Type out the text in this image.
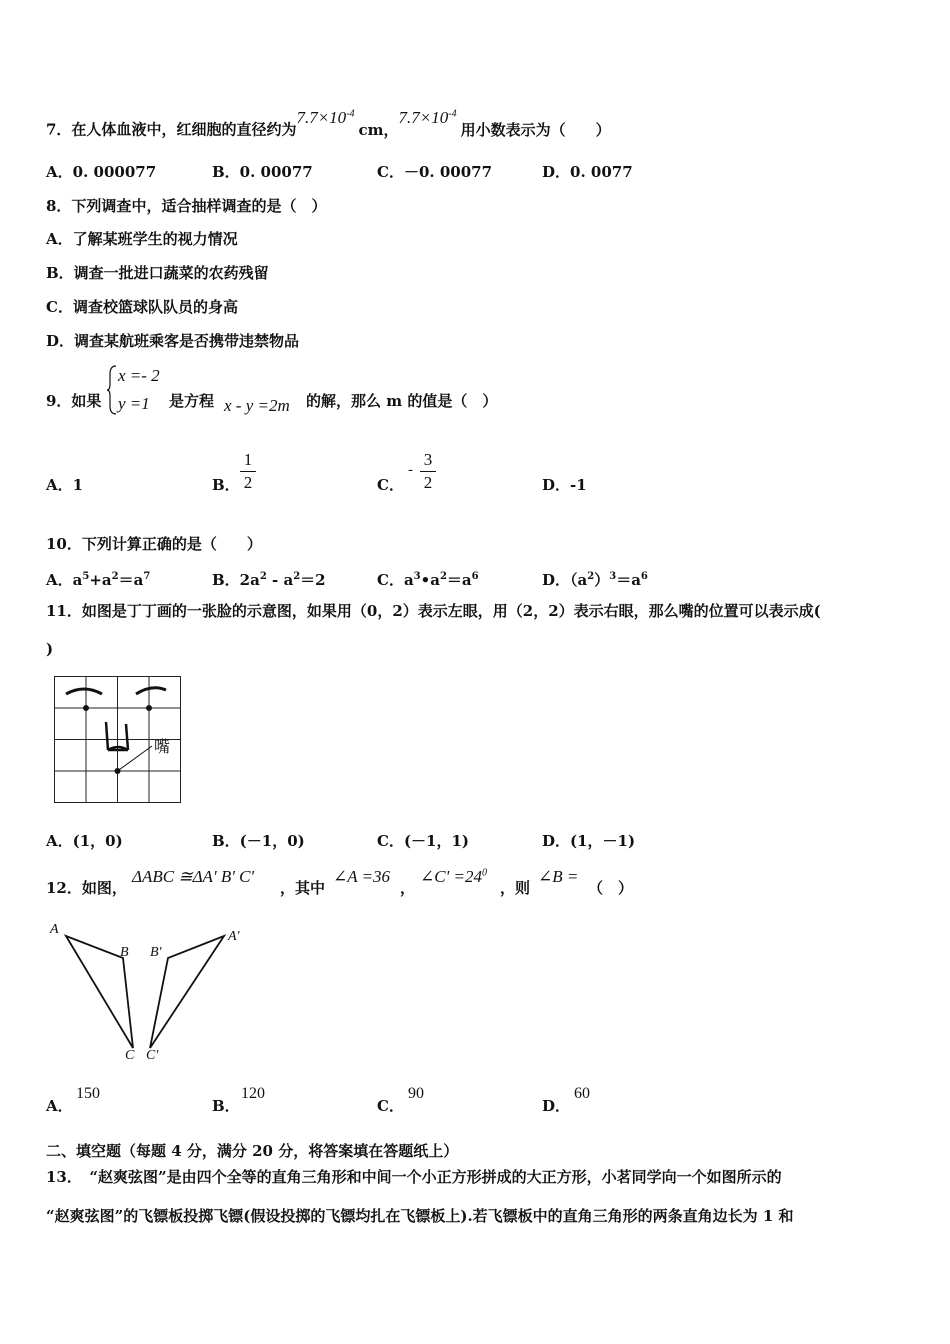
7．在人体血液中，红细胞的直径约为$7.7\times 10^{-4}cm$，$7.7\times 10^{-4}$用小数表示为（　　）
A．0. 000077	B．0. 00077	C．－0. 00077	D．0. 0077
8．下列调查中，适合抽样调查的是（　）
A．了解某班学生的视力情况
B．调查一批进口蔬菜的农药残留
C．调查校篮球队队员的身高
D．调查某航班乘客是否携带违禁物品
9．如果
x =- 2
y =1 是方程 x - y =2m 的解，那么 m 的值是（　）
A．1	B．
1
2	C．
-
3
2	D．-1
10．下列计算正确的是（　　）
A．$a^5+a^2=a^7$	B．$2a^2 - a^2=2$	C．$a^3•a^2=a^6$	D．$(a^2)^3=a^6$
11．如图是丁丁画的一张脸的示意图，如果用（0，2）表示左眼，用（2，2）表示右眼，那么嘴的位置可以表示成(
)
嘴
A．(1，0)	B．(－1，0)	C．(－1，1)	D．(1，－1)
12．如图，
ΔABC ≅ΔA' B' C'
，其中
∠A =36
，
∠C' $=24^0$
，则
∠B =
（　）
A
B
C
B'
A'
C'
A．
150
B．
120
C．
90
D．
60
二、填空题（每题 4 分，满分 20 分，将答案填在答题纸上）
13．　“赵爽弦图”是由四个全等的直角三角形和中间一个小正方形拼成的大正方形，小茗同学向一个如图所示的
“赵爽弦图”的飞镖板投掷飞镖(假设投掷的飞镖均扎在飞镖板上).若飞镖板中的直角三角形的两条直角边长为 1 和
